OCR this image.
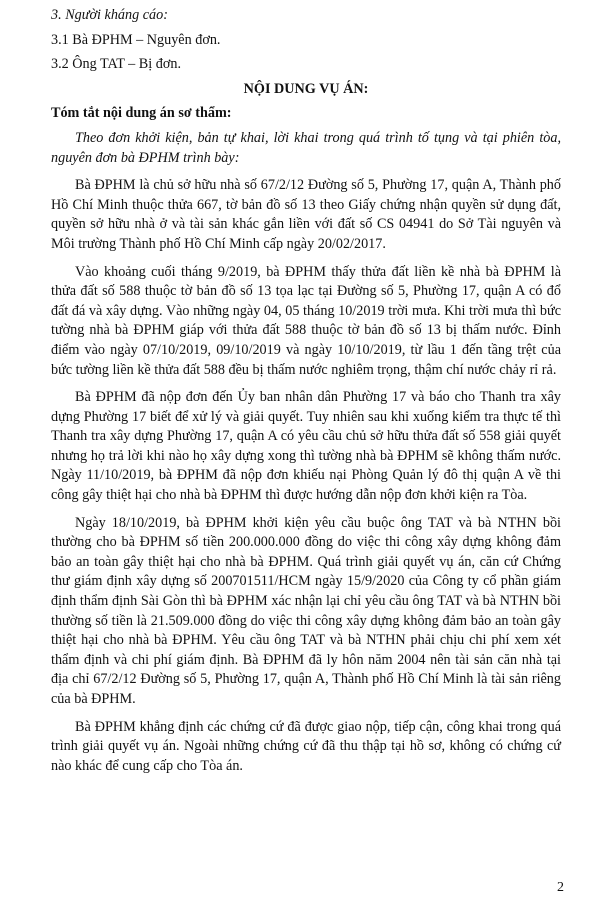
3. Người kháng cáo:

3.1 Bà ĐPHM – Nguyên đơn.

3.2 Ông TAT – Bị đơn.

NỘI DUNG VỤ ÁN:

Tóm tắt nội dung án sơ thẩm:

Theo đơn khởi kiện, bản tự khai, lời khai trong quá trình tố tụng và tại phiên tòa, nguyên đơn bà ĐPHM trình bày:

Bà ĐPHM là chủ sở hữu nhà số 67/2/12 Đường số 5, Phường 17, quận A, Thành phố Hồ Chí Minh thuộc thửa 667, tờ bản đồ số 13 theo Giấy chứng nhận quyền sử dụng đất, quyền sở hữu nhà ở và tài sản khác gắn liền với đất số CS 04941 do Sở Tài nguyên và Môi trường Thành phố Hồ Chí Minh cấp ngày 20/02/2017.

Vào khoảng cuối tháng 9/2019, bà ĐPHM thấy thửa đất liền kề nhà bà ĐPHM là thửa đất số 588 thuộc tờ bản đồ số 13 tọa lạc tại Đường số 5, Phường 17, quận A có đổ đất đá và xây dựng. Vào những ngày 04, 05 tháng 10/2019 trời mưa. Khi trời mưa thì bức tường nhà bà ĐPHM giáp với thửa đất 588 thuộc tờ bản đồ số 13 bị thấm nước. Đỉnh điểm vào ngày 07/10/2019, 09/10/2019 và ngày 10/10/2019, từ lầu 1 đến tầng trệt của bức tường liền kề thửa đất 588 đều bị thấm nước nghiêm trọng, thậm chí nước chảy rỉ rả.

Bà ĐPHM đã nộp đơn đến Ủy ban nhân dân Phường 17 và báo cho Thanh tra xây dựng Phường 17 biết để xử lý và giải quyết. Tuy nhiên sau khi xuống kiểm tra thực tế thì Thanh tra xây dựng Phường 17, quận A có yêu cầu chủ sở hữu thửa đất số 558 giải quyết nhưng họ trả lời khi nào họ xây dựng xong thì tường nhà bà ĐPHM sẽ không thấm nước. Ngày 11/10/2019, bà ĐPHM đã nộp đơn khiếu nại Phòng Quản lý đô thị quận A về thi công gây thiệt hại cho nhà bà ĐPHM thì được hướng dẫn nộp đơn khởi kiện ra Tòa.

Ngày 18/10/2019, bà ĐPHM khởi kiện yêu cầu buộc ông TAT và bà NTHN bồi thường cho bà ĐPHM số tiền 200.000.000 đồng do việc thi công xây dựng không đảm bảo an toàn gây thiệt hại cho nhà bà ĐPHM. Quá trình giải quyết vụ án, căn cứ Chứng thư giám định xây dựng số 200701511/HCM ngày 15/9/2020 của Công ty cổ phần giám định thẩm định Sài Gòn thì bà ĐPHM xác nhận lại chỉ yêu cầu ông TAT và bà NTHN bồi thường số tiền là 21.509.000 đồng do việc thi công xây dựng không đảm bảo an toàn gây thiệt hại cho nhà bà ĐPHM. Yêu cầu ông TAT và bà NTHN phải chịu chi phí xem xét thẩm định và chi phí giám định. Bà ĐPHM đã ly hôn năm 2004 nên tài sản căn nhà tại địa chỉ 67/2/12 Đường số 5, Phường 17, quận A, Thành phố Hồ Chí Minh là tài sản riêng của bà ĐPHM.

Bà ĐPHM khẳng định các chứng cứ đã được giao nộp, tiếp cận, công khai trong quá trình giải quyết vụ án. Ngoài những chứng cứ đã thu thập tại hồ sơ, không có chứng cứ nào khác để cung cấp cho Tòa án.

2
